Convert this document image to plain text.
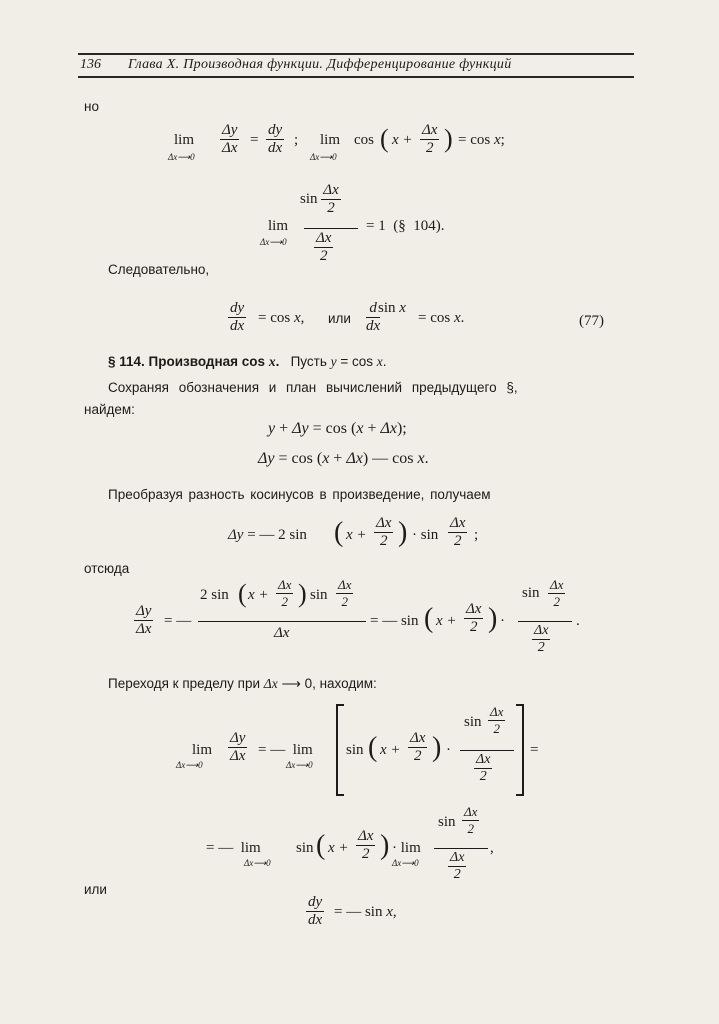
136 Глава X. Производная функции. Дифференцирование функций
но
lim
Δx⟶0
Δy
Δx =
dy
dx ; lim
Δx⟶0
cos ( x +
Δx
2 ) = cos x;
$\sin \frac{\Delta x}{2}$
lim
Δx⟶0 Δx
2
= 1  (§  104).
Следовательно,
dy
dx = cos x, или
d
dx
sin x
= cos x.	(77)
§ 114. Производная cos x.   Пусть y = cos x.
Сохраняя обозначения и план вычислений предыдущего §,
найдем:
y + Δy = cos (x + Δx);
Δy = cos (x + Δx) — cos x.
Преобразуя разность косинусов в произведение, получаем
Δy = — 2 sin ( x +
Δx
2 ) · sin
Δx
2 ;
отсюда
Δy
Δx = —
2 sin ( x +
Δx
2 ) sin
Δx
2
Δx
= — sin ( x +
Δx
2 ) ·
sin
Δx
2
Δx
2
.
Переходя к пределу при Δx ⟶ 0, находим:
lim
Δx⟶0
Δy
Δx = —  lim
Δx⟶0
sin ( x +
Δx
2 ) ·
sin
Δx
2
Δx
2
=
= —  lim
Δx⟶0
sin ( x +
Δx
2 ) · lim
Δx⟶0
sin
Δx
2
Δx
2
,
или
dy
dx = — sin x,
